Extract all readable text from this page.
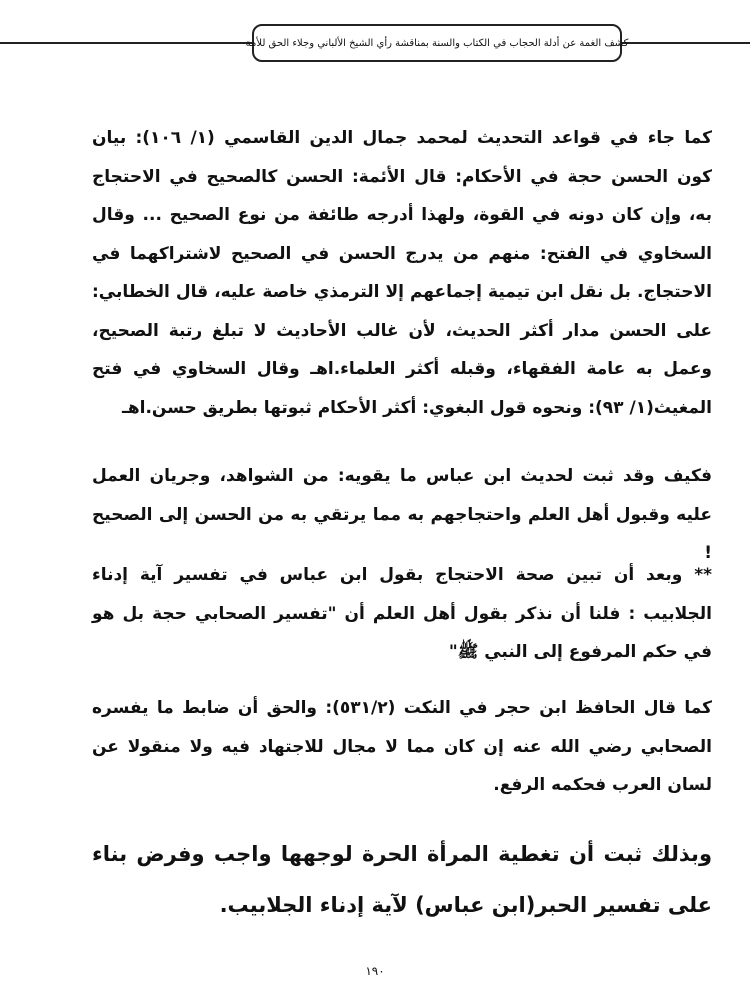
كشف الغمة عن أدلة الحجاب في الكتاب والسنة بمناقشة رأي الشيخ الألباني وجلاء الحق للأمة

كما جاء في قواعد التحديث لمحمد جمال الدين القاسمي (١/ ١٠٦): بيان كون الحسن حجة في الأحكام: قال الأئمة: الحسن كالصحيح في الاحتجاج به، وإن كان دونه في القوة، ولهذا أدرجه طائفة من نوع الصحيح ... وقال السخاوي في الفتح: منهم من يدرج الحسن في الصحيح لاشتراكهما في الاحتجاج. بل نقل ابن تيمية إجماعهم إلا الترمذي خاصة عليه، قال الخطابي: على الحسن مدار أكثر الحديث، لأن غالب الأحاديث لا تبلغ رتبة الصحيح، وعمل به عامة الفقهاء، وقبله أكثر العلماء.اهـ وقال السخاوي في فتح المغيث(١/ ٩٣): ونحوه قول البغوي: أكثر الأحكام ثبوتها بطريق حسن.اهـ

فكيف وقد ثبت لحديث ابن عباس ما يقويه: من الشواهد، وجريان العمل عليه وقبول أهل العلم واحتجاجهم به مما يرتقي به من الحسن إلى الصحيح !

** وبعد أن تبين صحة الاحتجاج بقول ابن عباس في تفسير آية إدناء الجلابيب : فلنا أن نذكر بقول أهل العلم أن "تفسير الصحابي حجة بل هو في حكم المرفوع إلى النبي ﷺ"

كما قال الحافظ ابن حجر في النكت (٥٣١/٢): والحق أن ضابط ما يفسره الصحابي رضي الله عنه إن كان مما لا مجال للاجتهاد فيه ولا منقولا عن لسان العرب فحكمه الرفع.

وبذلك ثبت أن تغطية المرأة الحرة لوجهها واجب وفرض بناء على تفسير الحبر(ابن عباس) لآية إدناء الجلابيب.

١٩٠
